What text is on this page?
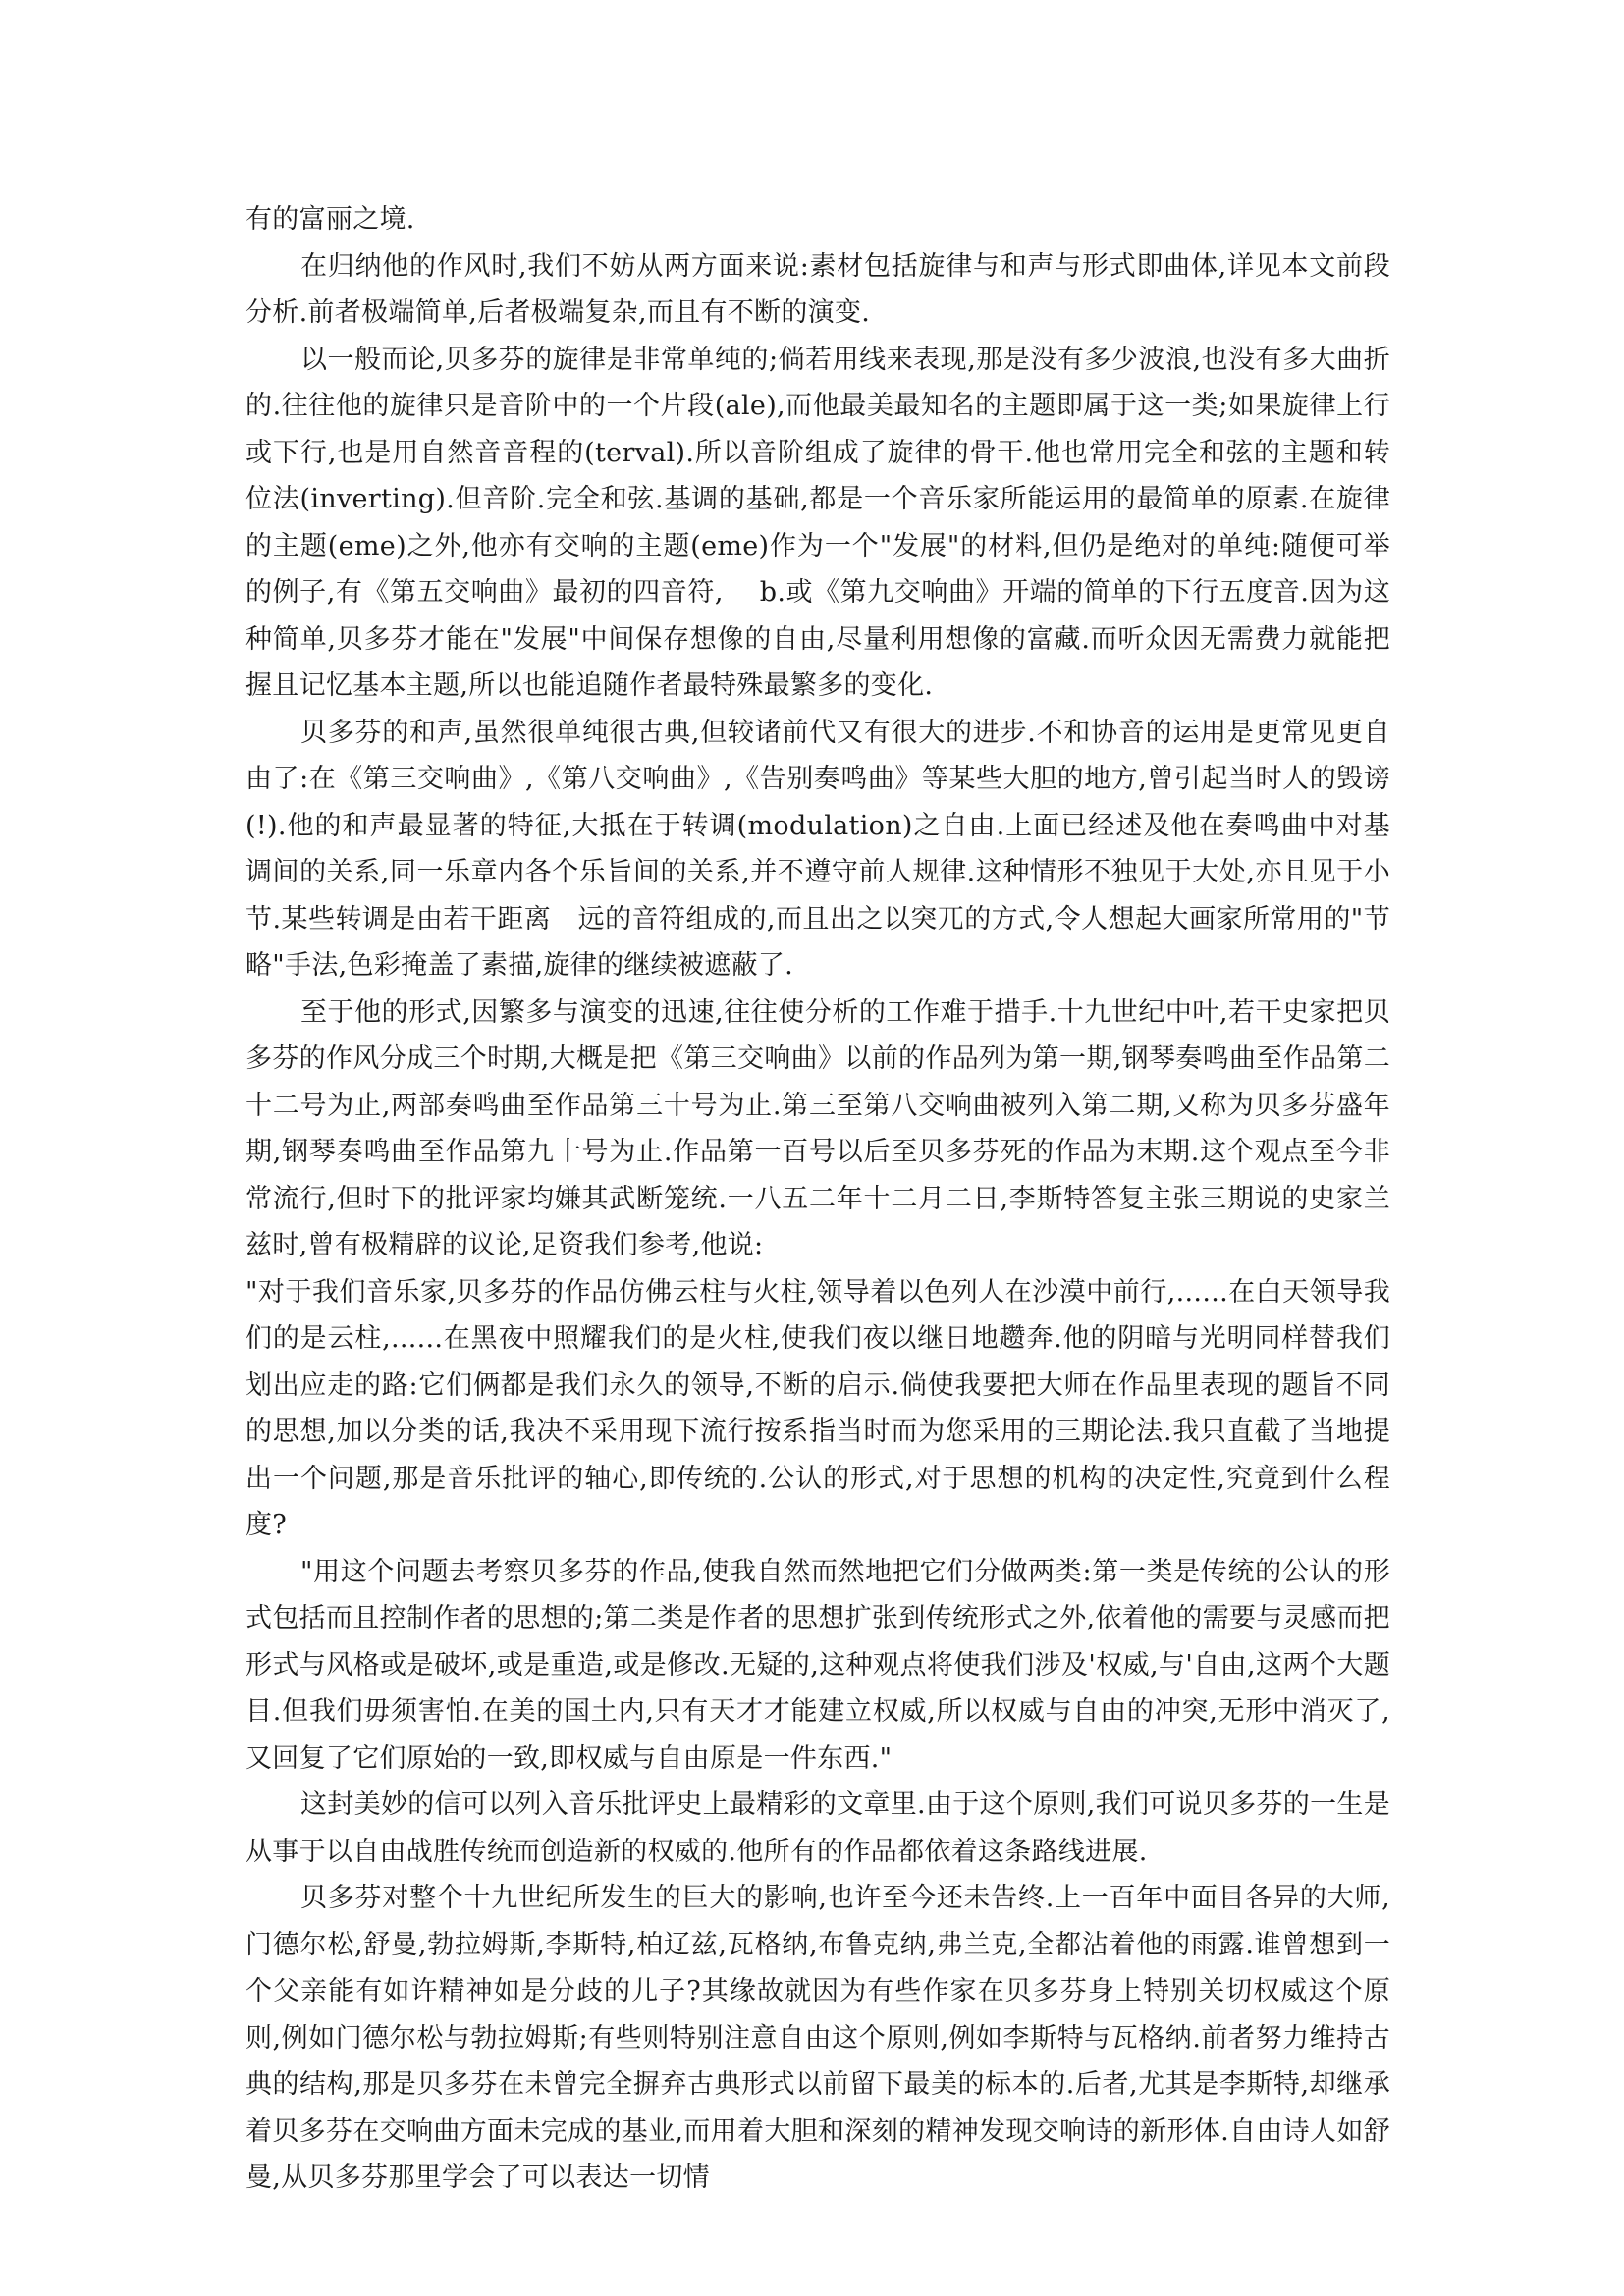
有的富丽之境.

在归纳他的作风时,我们不妨从两方面来说:素材包括旋律与和声与形式即曲体,详见本文前段分析.前者极端简单,后者极端复杂,而且有不断的演变.

以一般而论,贝多芬的旋律是非常单纯的;倘若用线来表现,那是没有多少波浪,也没有多大曲折的.往往他的旋律只是音阶中的一个片段(ale),而他最美最知名的主题即属于这一类;如果旋律上行或下行,也是用自然音音程的(terval).所以音阶组成了旋律的骨干.他也常用完全和弦的主题和转位法(inverting).但音阶.完全和弦.基调的基础,都是一个音乐家所能运用的最简单的原素.在旋律的主题(eme)之外,他亦有交响的主题(eme)作为一个"发展"的材料,但仍是绝对的单纯:随便可举的例子,有《第五交响曲》最初的四音符,　 b.或《第九交响曲》开端的简单的下行五度音.因为这种简单,贝多芬才能在"发展"中间保存想像的自由,尽量利用想像的富藏.而听众因无需费力就能把握且记忆基本主题,所以也能追随作者最特殊最繁多的变化.

贝多芬的和声,虽然很单纯很古典,但较诸前代又有很大的进步.不和协音的运用是更常见更自由了:在《第三交响曲》,《第八交响曲》,《告别奏鸣曲》等某些大胆的地方,曾引起当时人的毁谤(!).他的和声最显著的特征,大抵在于转调(modulation)之自由.上面已经述及他在奏鸣曲中对基调间的关系,同一乐章内各个乐旨间的关系,并不遵守前人规律.这种情形不独见于大处,亦且见于小节.某些转调是由若干距离　远的音符组成的,而且出之以突兀的方式,令人想起大画家所常用的"节略"手法,色彩掩盖了素描,旋律的继续被遮蔽了.

至于他的形式,因繁多与演变的迅速,往往使分析的工作难于措手.十九世纪中叶,若干史家把贝多芬的作风分成三个时期,大概是把《第三交响曲》以前的作品列为第一期,钢琴奏鸣曲至作品第二十二号为止,两部奏鸣曲至作品第三十号为止.第三至第八交响曲被列入第二期,又称为贝多芬盛年期,钢琴奏鸣曲至作品第九十号为止.作品第一百号以后至贝多芬死的作品为末期.这个观点至今非常流行,但时下的批评家均嫌其武断笼统.一八五二年十二月二日,李斯特答复主张三期说的史家兰兹时,曾有极精辟的议论,足资我们参考,他说:

"对于我们音乐家,贝多芬的作品仿佛云柱与火柱,领导着以色列人在沙漠中前行,......在白天领导我们的是云柱,......在黑夜中照耀我们的是火柱,使我们夜以继日地趱奔.他的阴暗与光明同样替我们划出应走的路:它们俩都是我们永久的领导,不断的启示.倘使我要把大师在作品里表现的题旨不同的思想,加以分类的话,我决不采用现下流行按系指当时而为您采用的三期论法.我只直截了当地提出一个问题,那是音乐批评的轴心,即传统的.公认的形式,对于思想的机构的决定性,究竟到什么程度?

"用这个问题去考察贝多芬的作品,使我自然而然地把它们分做两类:第一类是传统的公认的形式包括而且控制作者的思想的;第二类是作者的思想扩张到传统形式之外,依着他的需要与灵感而把形式与风格或是破坏,或是重造,或是修改.无疑的,这种观点将使我们涉及'权威,与'自由,这两个大题目.但我们毋须害怕.在美的国土内,只有天才才能建立权威,所以权威与自由的冲突,无形中消灭了,又回复了它们原始的一致,即权威与自由原是一件东西."

这封美妙的信可以列入音乐批评史上最精彩的文章里.由于这个原则,我们可说贝多芬的一生是从事于以自由战胜传统而创造新的权威的.他所有的作品都依着这条路线进展.

贝多芬对整个十九世纪所发生的巨大的影响,也许至今还未告终.上一百年中面目各异的大师,门德尔松,舒曼,勃拉姆斯,李斯特,柏辽兹,瓦格纳,布鲁克纳,弗兰克,全都沾着他的雨露.谁曾想到一个父亲能有如许精神如是分歧的儿子?其缘故就因为有些作家在贝多芬身上特别关切权威这个原则,例如门德尔松与勃拉姆斯;有些则特别注意自由这个原则,例如李斯特与瓦格纳.前者努力维持古典的结构,那是贝多芬在未曾完全摒弃古典形式以前留下最美的标本的.后者,尤其是李斯特,却继承着贝多芬在交响曲方面未完成的基业,而用着大胆和深刻的精神发现交响诗的新形体.自由诗人如舒曼,从贝多芬那里学会了可以表达一切情
